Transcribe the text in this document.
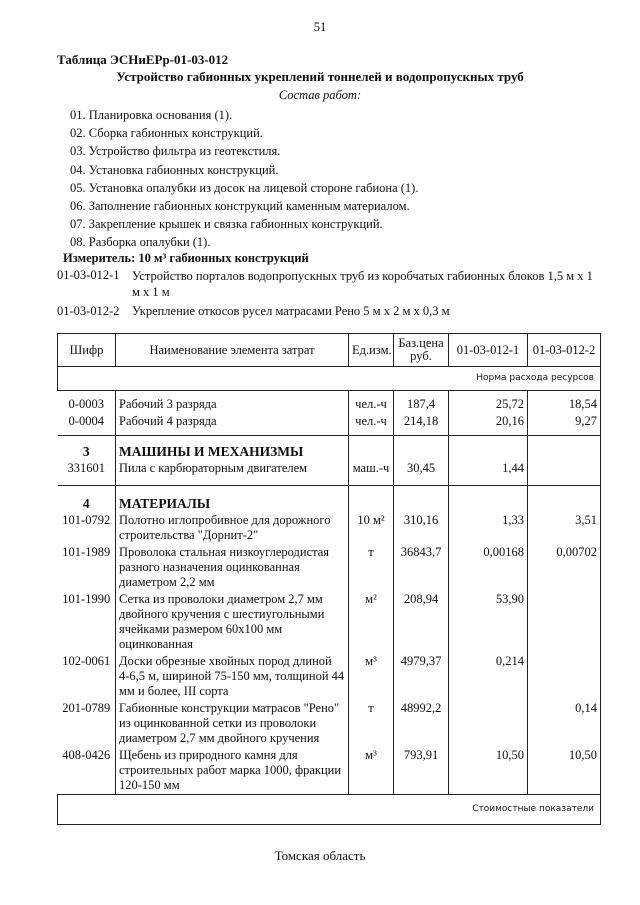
51
Таблица ЭСНиЕРр-01-03-012
Устройство габионных укреплений тоннелей и водопропускных труб
Состав работ:
01. Планировка основания (1).
02. Сборка габионных конструкций.
03. Устройство фильтра из геотекстиля.
04. Установка габионных конструкций.
05. Установка опалубки из досок на лицевой стороне габиона (1).
06. Заполнение габионных конструкций каменным материалом.
07. Закрепление крышек и связка габионных конструкций.
08. Разборка опалубки (1).
Измеритель: 10 м³ габионных конструкций
01-03-012-1	Устройство порталов водопропускных труб из коробчатых габионных блоков 1,5 м х 1 м х 1 м
01-03-012-2 Укрепление откосов русел матрасами Рено 5 м х 2 м х 0,3 м
Шифр	Наименование элемента затрат	Ед.изм.	Баз.цена руб.	01-03-012-1	01-03-012-2
Норма расхода ресурсов					
0-0003	Рабочий 3 разряда	чел.-ч	187,4	25,72	18,54
0-0004	Рабочий 4 разряда	чел.-ч	214,18	20,16	9,27
3	МАШИНЫ И МЕХАНИЗМЫ				
331601	Пила с карбюраторным двигателем	маш.-ч	30,45	1,44	
4	МАТЕРИАЛЫ				
101-0792	Полотно иглопробивное для дорожного строительства "Дорнит-2"	10 м²	310,16	1,33	3,51
101-1989	Проволока стальная низкоуглеродистая разного назначения оцинкованная диаметром 2,2 мм	т	36843,7	0,00168	0,00702
101-1990	Сетка из проволоки диаметром 2,7 мм двойного кручения с шестиугольными ячейками размером 60х100 мм оцинкованная	м²	208,94	53,90	
102-0061	Доски обрезные хвойных пород длиной 4-6,5 м, шириной 75-150 мм, толщиной 44 мм и более, III сорта	м³	4979,37	0,214	
201-0789	Габионные конструкции матрасов "Рено" из оцинкованной сетки из проволоки диаметром 2,7 мм двойного кручения	т	48992,2		0,14
408-0426	Щебень из природного камня для строительных работ марка 1000, фракции 120-150 мм	м³	793,91	10,50	10,50
Стоимостные показатели					
Томская область
